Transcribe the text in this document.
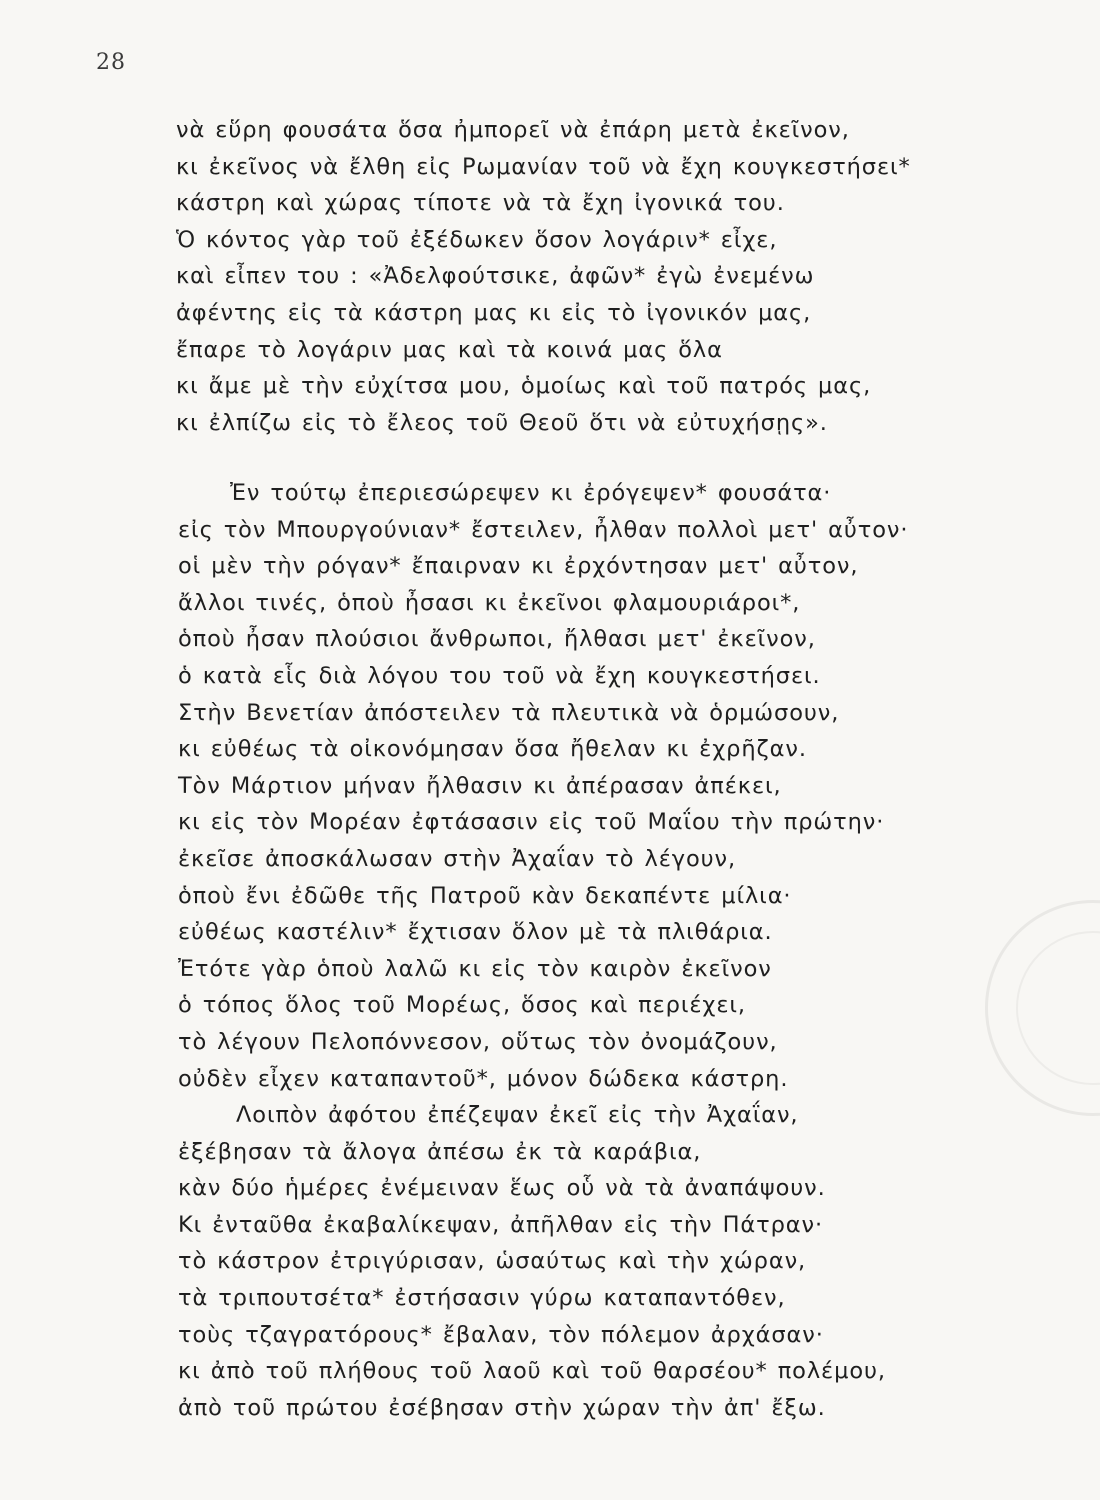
28
νὰ εὕρη φουσάτα ὅσα ἠμπορεῖ νὰ ἐπάρη μετὰ ἐκεῖνον,
κι ἐκεῖνος νὰ ἔλθη εἰς Ρωμανίαν τοῦ νὰ ἔχη κουγκεστήσει*
κάστρη καὶ χώρας τίποτε νὰ τὰ ἔχη ἰγονικά του.
Ὁ κόντος γὰρ τοῦ ἐξέδωκεν ὅσον λογάριν* εἶχε,
καὶ εἶπεν του : «Ἀδελφούτσικε, ἀφῶν* ἐγὼ ἐνεμένω
ἀφέντης εἰς τὰ κάστρη μας κι εἰς τὸ ἰγονικόν μας,
ἔπαρε τὸ λογάριν μας καὶ τὰ κοινά μας ὅλα
κι ἄμε μὲ τὴν εὐχίτσα μου, ὁμοίως καὶ τοῦ πατρός μας,
κι ἐλπίζω εἰς τὸ ἔλεος τοῦ Θεοῦ ὅτι νὰ εὐτυχήσῃς».
Ἐν τούτῳ ἐπεριεσώρεψεν κι ἐρόγεψεν* φουσάτα·
εἰς τὸν Μπουργούνιαν* ἔστειλεν, ἦλθαν πολλοὶ μετ' αὖτον·
οἱ μὲν τὴν ρόγαν* ἔπαιρναν κι ἐρχόντησαν μετ' αὖτον,
ἄλλοι τινές, ὁποὺ ἦσασι κι ἐκεῖνοι φλαμουριάροι*,
ὁποὺ ἦσαν πλούσιοι ἄνθρωποι, ἤλθασι μετ' ἐκεῖνον,
ὁ κατὰ εἷς διὰ λόγου του τοῦ νὰ ἔχη κουγκεστήσει.
Στὴν Βενετίαν ἀπόστειλεν τὰ πλευτικὰ νὰ ὁρμώσουν,
κι εὐθέως τὰ οἰκονόμησαν ὅσα ἤθελαν κι ἐχρῆζαν.
Τὸν Μάρτιον μήναν ἤλθασιν κι ἀπέρασαν ἀπέκει,
κι εἰς τὸν Μορέαν ἐφτάσασιν εἰς τοῦ Μαΐου τὴν πρώτην·
ἐκεῖσε ἀποσκάλωσαν στὴν Ἀχαΐαν τὸ λέγουν,
ὁποὺ ἔνι ἐδῶθε τῆς Πατροῦ κὰν δεκαπέντε μίλια·
εὐθέως καστέλιν* ἔχτισαν ὅλον μὲ τὰ πλιθάρια.
Ἐτότε γὰρ ὁποὺ λαλῶ κι εἰς τὸν καιρὸν ἐκεῖνον
ὁ τόπος ὅλος τοῦ Μορέως, ὅσος καὶ περιέχει,
τὸ λέγουν Πελοπόννεσον, οὕτως τὸν ὀνομάζουν,
οὐδὲν εἶχεν καταπαντοῦ*, μόνον δώδεκα κάστρη.
Λοιπὸν ἀφότου ἐπέζεψαν ἐκεῖ εἰς τὴν Ἀχαΐαν,
ἐξέβησαν τὰ ἄλογα ἀπέσω ἐκ τὰ καράβια,
κὰν δύο ἡμέρες ἐνέμειναν ἕως οὗ νὰ τὰ ἀναπάψουν.
Κι ἐνταῦθα ἐκαβαλίκεψαν, ἀπῆλθαν εἰς τὴν Πάτραν·
τὸ κάστρον ἐτριγύρισαν, ὡσαύτως καὶ τὴν χώραν,
τὰ τριπουτσέτα* ἐστήσασιν γύρω καταπαντόθεν,
τοὺς τζαγρατόρους* ἔβαλαν, τὸν πόλεμον ἀρχάσαν·
κι ἀπὸ τοῦ πλήθους τοῦ λαοῦ καὶ τοῦ θαρσέου* πολέμου,
ἀπὸ τοῦ πρώτου ἐσέβησαν στὴν χώραν τὴν ἀπ' ἔξω.
